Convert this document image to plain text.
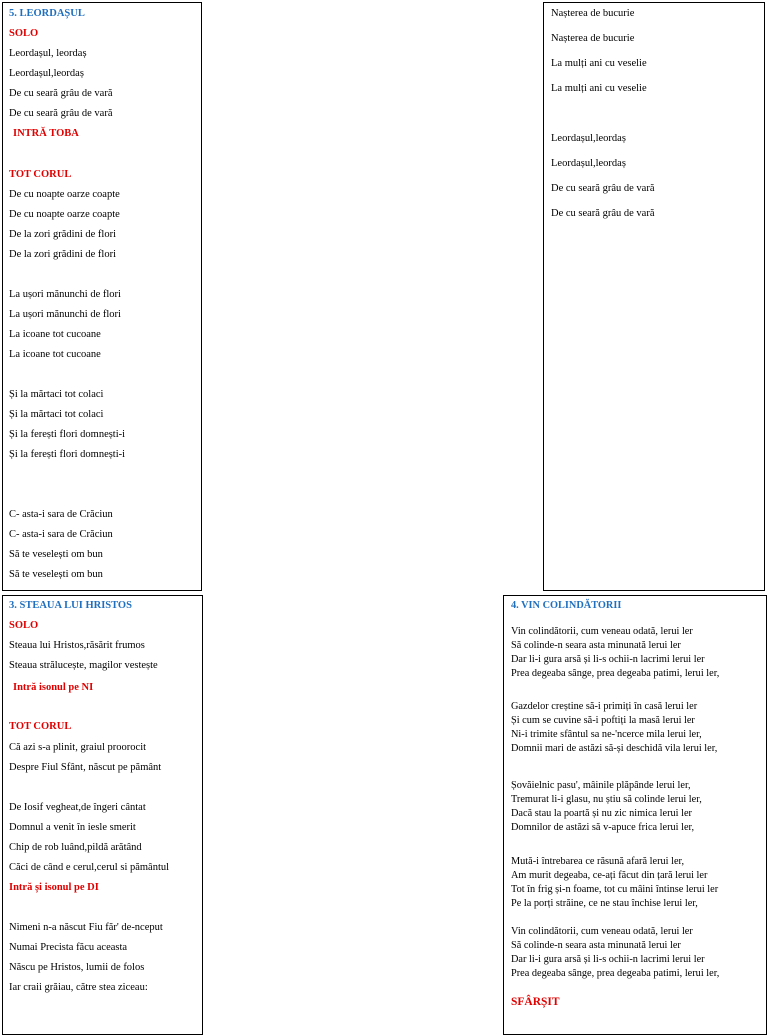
5. LEORDAȘUL
SOLO
Leordașul, leordaș
Leordașul,leordaș
De cu seară grâu de vară
De cu seară grâu de vară
INTRĂ TOBA
TOT CORUL
De cu noapte oarze coapte
De cu noapte oarze coapte
De la zori grădini de flori
De la zori grădini de flori
La ușori mănunchi de flori
La ușori mănunchi de flori
La icoane tot cucoane
La icoane tot cucoane
Și la mărtaci tot colaci
Și la mărtaci tot colaci
Și la ferești flori domnești-i
Și la ferești flori domnești-i
C- asta-i sara de Crăciun
C- asta-i sara de Crăciun
Să te veselești om bun
Să te veselești om bun
Nașterea de bucurie
Nașterea de bucurie
La mulți ani cu veselie
La mulți ani cu veselie
Leordașul,leordaș
Leordașul,leordaș
De cu seară grâu de vară
De cu seară grâu de vară
3. STEAUA LUI HRISTOS
SOLO
Steaua lui Hristos,răsărit frumos
Steaua strălucește, magilor vestește
Intră isonul pe NI
TOT CORUL
Că azi s-a plinit, graiul proorocit
Despre Fiul Sfânt, născut pe pământ
De Iosif vegheat,de îngeri cântat
Domnul a venit în iesle smerit
Chip de rob luând,pildă arătând
Căci de când e cerul,cerul si pământul
Intră și isonul pe DI
Nimeni n-a născut Fiu făr' de-nceput
Numai Precista făcu aceasta
Născu pe Hristos, lumii de folos
Iar craii grăiau, către stea ziceau:
4. VIN COLINDĂTORII
Vin colindătorii, cum veneau odată, lerui ler
Să colinde-n seara asta minunată lerui ler
Dar li-i gura arsă și li-s ochii-n lacrimi lerui ler
Prea degeaba sânge, prea degeaba patimi, lerui ler,
Gazdelor creștine să-i primiți în casă lerui ler
Și cum se cuvine să-i poftiți la masă lerui ler
Ni-i trimite sfântul sa ne-'ncerce mila lerui ler,
Domnii mari de astăzi să-și deschidă vila lerui ler,
Șovăielnic pasu', mâinile plăpânde lerui ler,
Tremurat li-i glasu, nu știu să colinde lerui ler,
Dacă stau la poartă și nu zic nimica lerui ler
Domnilor de astăzi să v-apuce frica lerui ler,
Mută-i întrebarea ce răsună afară lerui ler,
Am murit degeaba, ce-ați făcut din țară lerui ler
Tot în frig și-n foame, tot cu mâini întinse lerui ler
Pe la porți străine, ce ne stau închise lerui ler,
Vin colindătorii, cum veneau odată, lerui ler
Să colinde-n seara asta minunată lerui ler
Dar li-i gura arsă și li-s ochii-n lacrimi lerui ler
Prea degeaba sânge, prea degeaba patimi, lerui ler,
SFÂRȘIT
